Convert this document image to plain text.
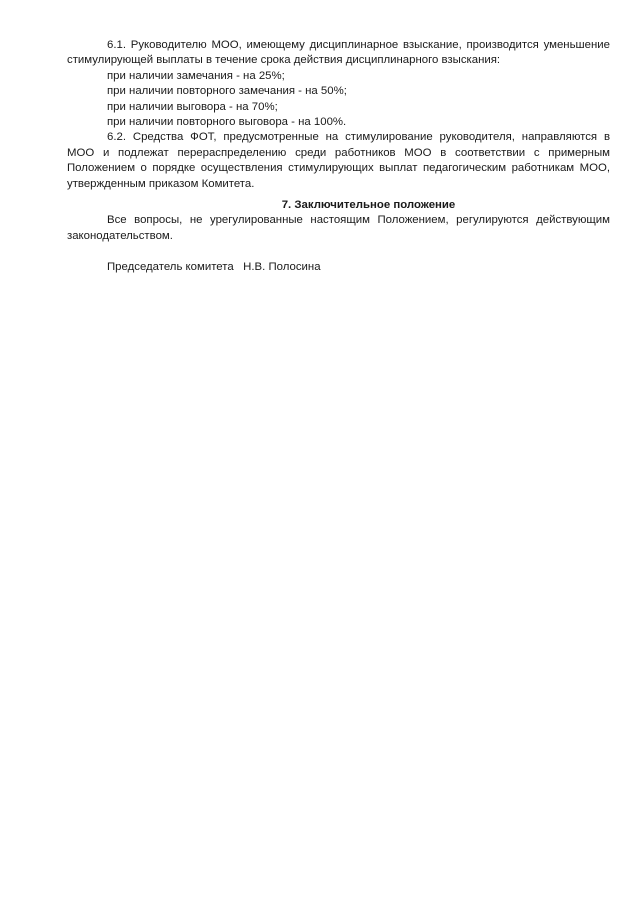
6.1. Руководителю МОО, имеющему дисциплинарное взыскание, производится уменьшение стимулирующей выплаты в течение срока действия дисциплинарного взыскания:

при наличии замечания - на 25%;

при наличии повторного замечания - на 50%;

при наличии выговора - на 70%;

при наличии повторного выговора - на 100%.

6.2. Средства ФОТ, предусмотренные на стимулирование руководителя, направляются в МОО и подлежат перераспределению среди работников МОО в соответствии с примерным Положением о порядке осуществления стимулирующих выплат педагогическим работникам МОО, утвержденным приказом Комитета.

7. Заключительное положение

Все вопросы, не урегулированные настоящим Положением, регулируются действующим законодательством.

Председатель комитета   Н.В. Полосина
